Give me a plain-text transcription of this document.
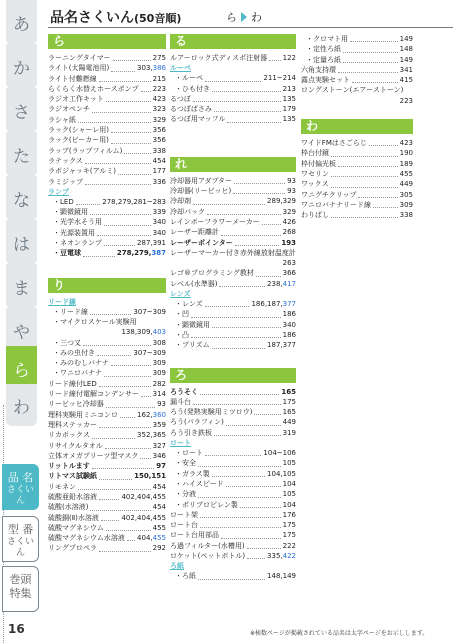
あ
か
さ
た
な
は
ま
や
ら
わ
品 名
さくいん
型 番
さくいん
巻頭
特集
品名さくいん(50音順)	ら わ
ら
ラーニングタイマー	275
ライト(太陽電池用)	303,386
ライト付難燃線	215
らくらく水替えホースポンプ 223
ラジオ工作キット	423
ラジオペンチ	323
ラシャ紙	329
ラック(シャーレ用)	356
ラック(ビーカー用)	356
ラップ(ラップフィルム)	338
ラテックス	454
ラボジャッキ(アルミ)	177
ラミジップ	336
ランプ
・LED	278,279,281~283
・顕微鏡用	339
・光学水そう用	340
・光源装置用	340
・ネオンランプ	287,391
・豆電球	278,279,387
り
リード線
・リード線	307~309
・マイクロスケール実験用
138,309,403
・三つ又	308
・みの虫付き	307~309
・みのむしバナナ	309
・ワニロバナナ	309
リード線付LED	282
リード線付電解コンデンサー 314
リービッヒ冷却器	93
理科実験用ミニコンロ	162,360
理科ステッカー	359
リカボックス	352,365
リサイクルタオル	327
立体オメガプリーツ型マスク 346
リットルます	97
リトマス試験紙	150,151
リモネン	454
硫酸亜鉛水溶液	402,404,455
硫酸(水溶液)	454
硫酸銅(Ⅱ)水溶液	402,404,455
硫酸マグネシウム	455
硫酸マグネシウム水溶液 404,455
リングプロペラ	292
る
ルアーロック式ディスポ注射器 122
ルーペ
・ルーペ	211~214
・ひも付き	213
るつぼ	135
るつぼばさみ	179
るつぼ用マッフル	135
れ
冷却器用アダプター	93
冷却器(リービッヒ)	93
冷却剤	289,329
冷却パック	329
レインボーフラワーメーカー	426
レーザー距離計	268
レーザーポインター	193
レーザーマーカー付き赤外線放射温度計
263
レゴ®プログラミング教材	366
レベル(水準器)	238,417
レンズ
・レンズ	186,187,377
・凹	186
・顕微鏡用	340
・凸	186
・プリズム	187,377
ろ
ろうそく	165
漏斗台	175
ろう(発熱実験用ミツロウ)	165
ろう(パラフィン)	449
ろう引き鉄板	319
ロート
・ロート	104~106
・安全	105
・ガラス製	104,105
・ハイスピード	104
・分液	105
・ポリプロピレン製	104
ロート架	176
ロート台	175
ロート台用部品	175
ろ過フィルター(水槽用)	222
ロケット(ペットボトル)	335,422
ろ紙
・ろ紙	148,149
・クロマト用	149
・定性ろ紙	148
・定量ろ紙	149
六角支持環	341
露点実験セット	415
ロングストーン(エアーストーン)
223
わ
ワイドFMはさごらじ	423
枠台付鏡	190
枠付偏光板	189
ワセリン	455
ワックス	449
ワニグチクリップ	305
ワニロバナナリード線	309
わりばし	338
16	※検数ページが掲載されている品名は太字ページをお示しします。
